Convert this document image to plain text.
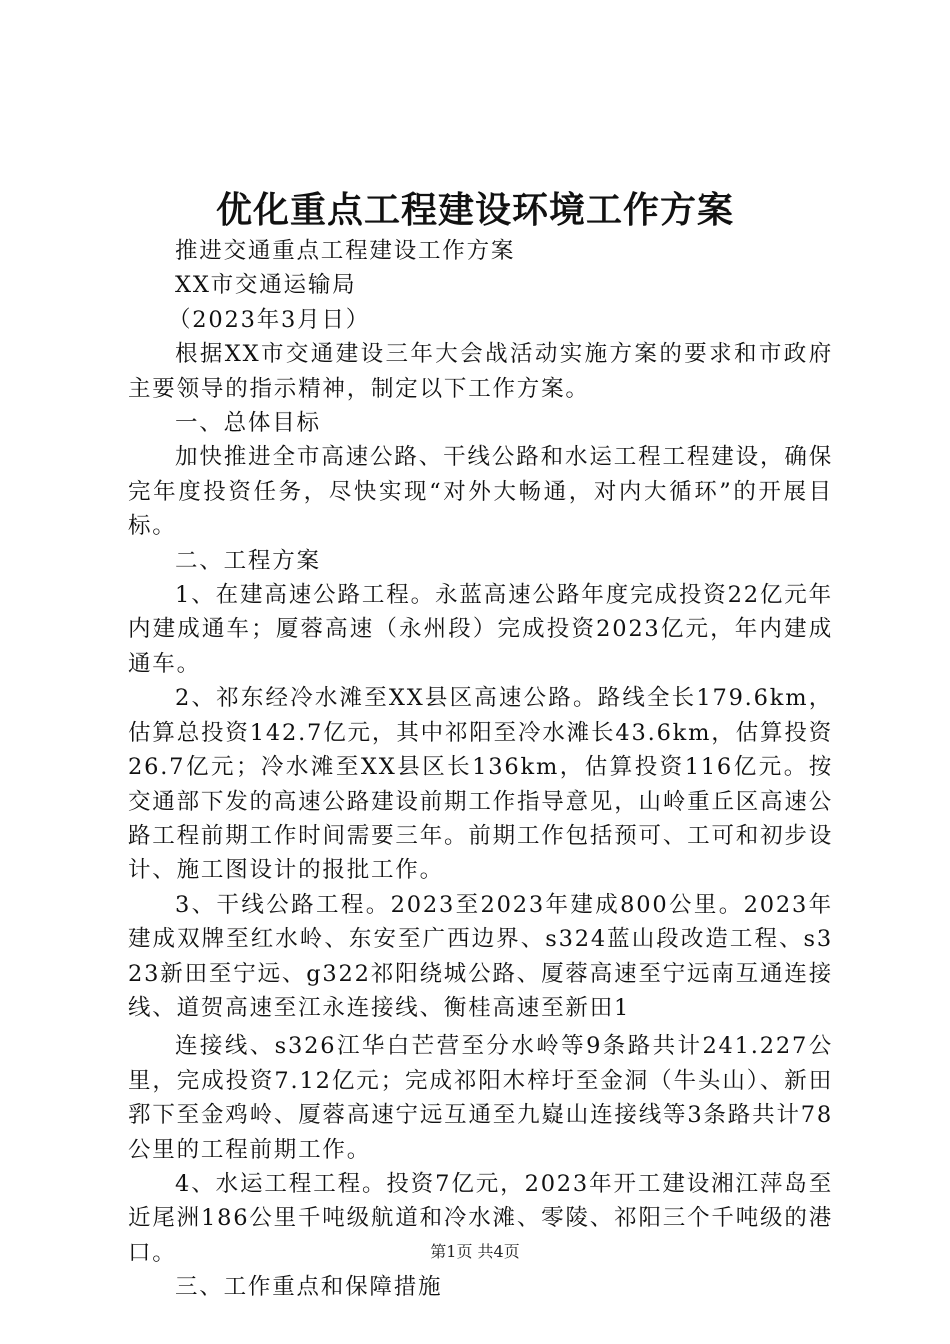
优化重点工程建设环境工作方案

推进交通重点工程建设工作方案

XX市交通运输局

（2023年3月日）

根据XX市交通建设三年大会战活动实施方案的要求和市政府主要领导的指示精神，制定以下工作方案。

一、总体目标

加快推进全市高速公路、干线公路和水运工程工程建设，确保完年度投资任务，尽快实现“对外大畅通，对内大循环”的开展目标。

二、工程方案

1、在建高速公路工程。永蓝高速公路年度完成投资22亿元年内建成通车；厦蓉高速（永州段）完成投资2023亿元，年内建成通车。

2、祁东经冷水滩至XX县区高速公路。路线全长179.6km，估算总投资142.7亿元，其中祁阳至冷水滩长43.6km，估算投资26.7亿元；冷水滩至XX县区长136km，估算投资116亿元。按交通部下发的高速公路建设前期工作指导意见，山岭重丘区高速公路工程前期工作时间需要三年。前期工作包括预可、工可和初步设计、施工图设计的报批工作。

3、干线公路工程。2023至2023年建成800公里。2023年建成双牌至红水岭、东安至广西边界、s324蓝山段改造工程、s323新田至宁远、g322祁阳绕城公路、厦蓉高速至宁远南互通连接线、道贺高速至江永连接线、衡桂高速至新田1

连接线、s326江华白芒营至分水岭等9条路共计241.227公里，完成投资7.12亿元；完成祁阳木梓圩至金洞（牛头山）、新田郛下至金鸡岭、厦蓉高速宁远互通至九嶷山连接线等3条路共计78公里的工程前期工作。

4、水运工程工程。投资7亿元，2023年开工建设湘江萍岛至近尾洲186公里千吨级航道和冷水滩、零陵、祁阳三个千吨级的港口。

三、工作重点和保障措施

第1页 共4页
